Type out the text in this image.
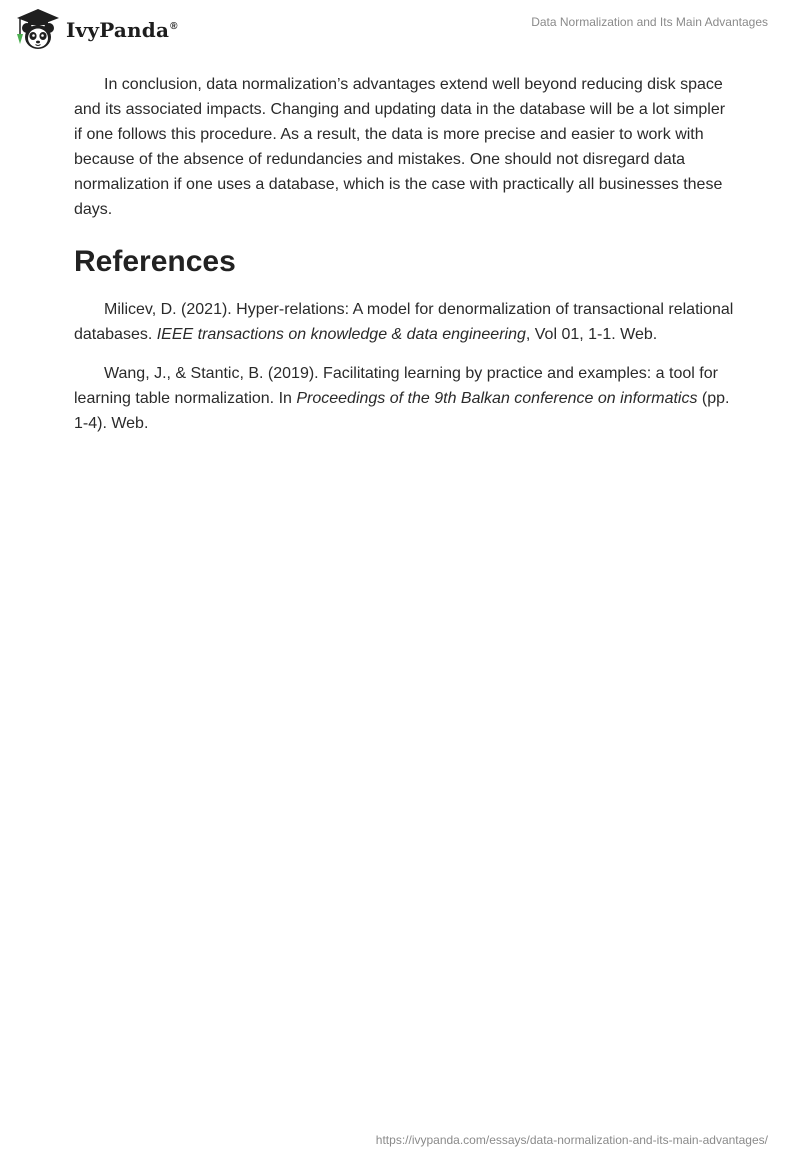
IvyPanda®	Data Normalization and Its Main Advantages

In conclusion, data normalization’s advantages extend well beyond reducing disk space and its associated impacts. Changing and updating data in the database will be a lot simpler if one follows this procedure. As a result, the data is more precise and easier to work with because of the absence of redundancies and mistakes. One should not disregard data normalization if one uses a database, which is the case with practically all businesses these days.

References

Milicev, D. (2021). Hyper-relations: A model for denormalization of transactional relational databases. IEEE transactions on knowledge & data engineering, Vol 01, 1-1. Web.

Wang, J., & Stantic, B. (2019). Facilitating learning by practice and examples: a tool for learning table normalization. In Proceedings of the 9th Balkan conference on informatics (pp. 1-4). Web.

https://ivypanda.com/essays/data-normalization-and-its-main-advantages/
